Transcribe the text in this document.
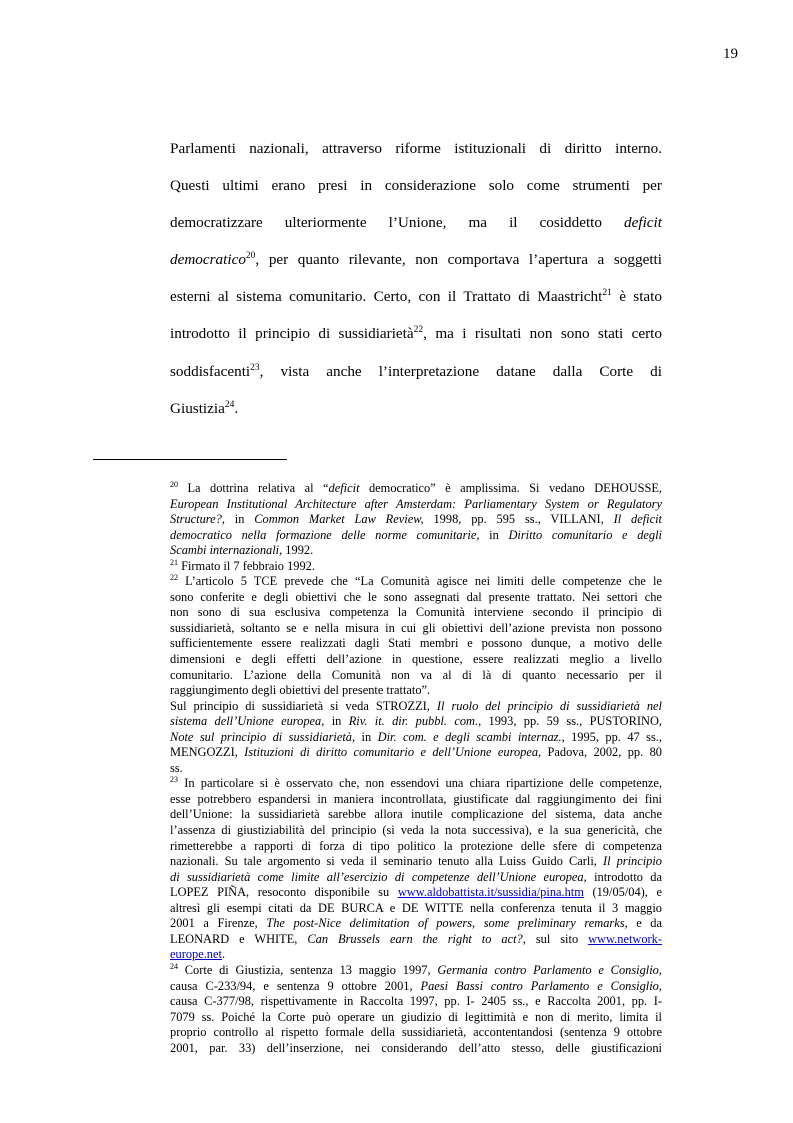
19
Parlamenti nazionali, attraverso riforme istituzionali di diritto interno.
Questi ultimi erano presi in considerazione solo come strumenti per
democratizzare ulteriormente l’Unione, ma il cosiddetto deficit
democratico$^{20}$, per quanto rilevante, non comportava l’apertura a soggetti
esterni al sistema comunitario. Certo, con il Trattato di Maastricht$^{21}$ è stato
introdotto il principio di sussidiarietà$^{22}$, ma i risultati non sono stati certo
soddisfacenti$^{23}$, vista anche l’interpretazione datane dalla Corte di
Giustizia$^{24}$.
$^{20}$ La dottrina relativa al “deficit democratico” è amplissima. Si vedano DEHOUSSE,
European Institutional Architecture after Amsterdam: Parliamentary System or Regulatory
Structure?, in Common Market Law Review, 1998, pp. 595 ss., VILLANI, Il deficit
democratico nella formazione delle norme comunitarie, in Diritto comunitario e degli
Scambi internazionali, 1992.
$^{21}$ Firmato il 7 febbraio 1992.
$^{22}$ L’articolo 5 TCE prevede che “La Comunità agisce nei limiti delle competenze che le
sono conferite e degli obiettivi che le sono assegnati dal presente trattato. Nei settori che
non sono di sua esclusiva competenza la Comunità interviene secondo il principio di
sussidiarietà, soltanto se e nella misura in cui gli obiettivi dell’azione prevista non possono
sufficientemente essere realizzati dagli Stati membri e possono dunque, a motivo delle
dimensioni e degli effetti dell’azione in questione, essere realizzati meglio a livello
comunitario. L’azione della Comunità non va al di là di quanto necessario per il
raggiungimento degli obiettivi del presente trattato”.
Sul principio di sussidiarietà si veda STROZZI, Il ruolo del principio di sussidiarietà nel
sistema dell’Unione europea, in Riv. it. dir. pubbl. com., 1993, pp. 59 ss., PUSTORINO,
Note sul principio di sussidiarietà, in Dir. com. e degli scambi internaz., 1995, pp. 47 ss.,
MENGOZZI, Istituzioni di diritto comunitario e dell’Unione europea, Padova, 2002, pp. 80
ss.
$^{23}$ In particolare si è osservato che, non essendovi una chiara ripartizione delle competenze,
esse potrebbero espandersi in maniera incontrollata, giustificate dal raggiungimento dei fini
dell’Unione: la sussidiarietà sarebbe allora inutile complicazione del sistema, data anche
l’assenza di giustiziabilità del principio (si veda la nota successiva), e la sua genericità, che
rimetterebbe a rapporti di forza di tipo politico la protezione delle sfere di competenza
nazionali. Su tale argomento si veda il seminario tenuto alla Luiss Guido Carli, Il principio
di sussidiarietà come limite all’esercizio di competenze dell’Unione europea, introdotto da
LOPEZ PIÑA, resoconto disponibile su www.aldobattista.it/sussidia/pina.htm (19/05/04), e
altresì gli esempi citati da DE BURCA e DE WITTE nella conferenza tenuta il 3 maggio
2001 a Firenze, The post-Nice delimitation of powers, some preliminary remarks, e da
LEONARD e WHITE, Can Brussels earn the right to act?, sul sito www.network-
europe.net.
$^{24}$ Corte di Giustizia, sentenza 13 maggio 1997, Germania contro Parlamento e Consiglio,
causa C-233/94, e sentenza 9 ottobre 2001, Paesi Bassi contro Parlamento e Consiglio,
causa C-377/98, rispettivamente in Raccolta 1997, pp. I- 2405 ss., e Raccolta 2001, pp. I-
7079 ss. Poiché la Corte può operare un giudizio di legittimità e non di merito, limita il
proprio controllo al rispetto formale della sussidiarietà, accontentandosi (sentenza 9 ottobre
2001, par. 33) dell’inserzione, nei considerando dell’atto stesso, delle giustificazioni
